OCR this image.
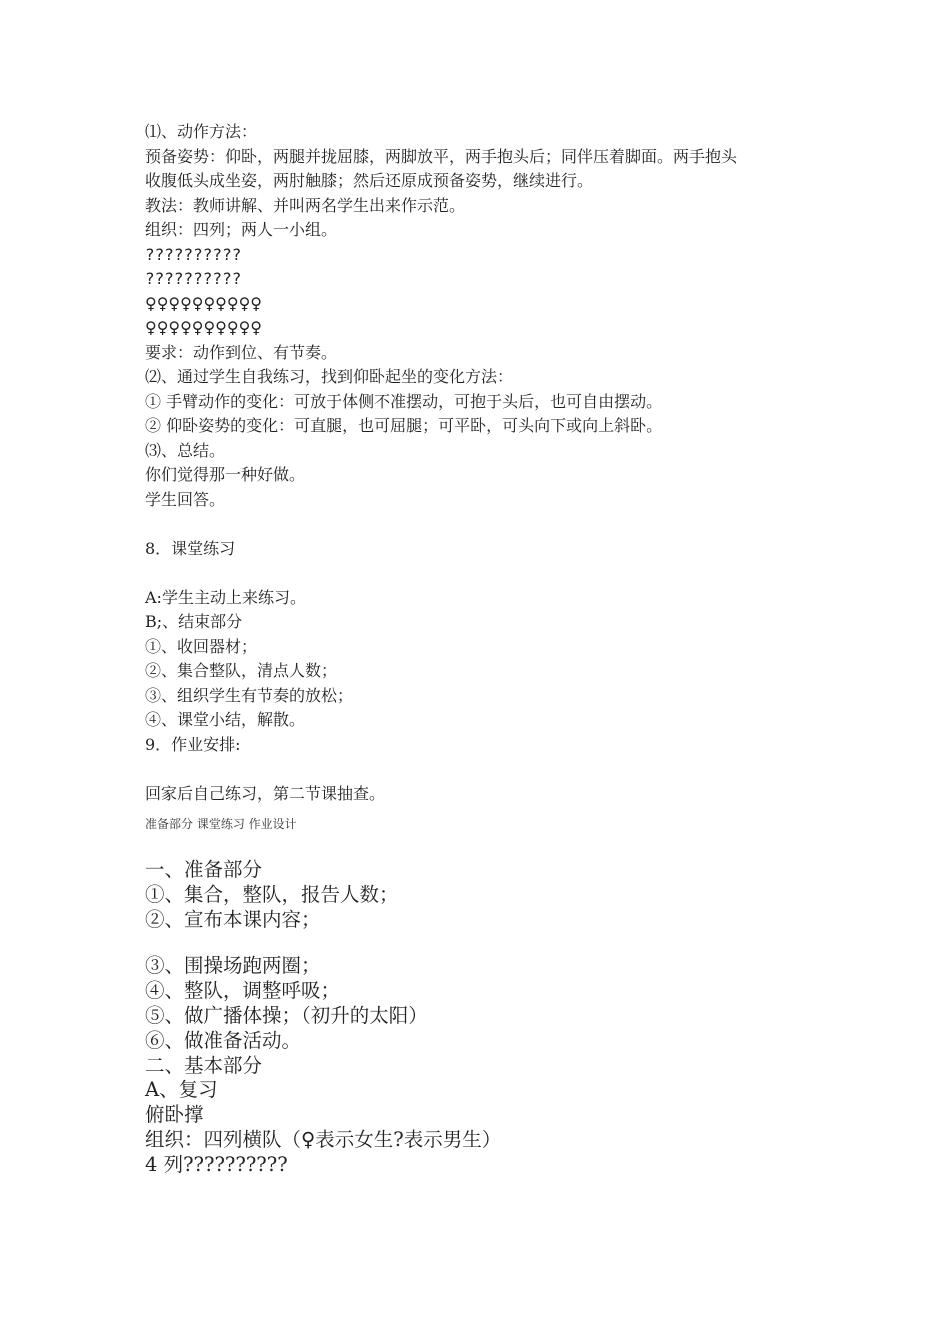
⑴、动作方法：
预备姿势：仰卧，两腿并拢屈膝，两脚放平，两手抱头后；同伴压着脚面。两手抱头
收腹低头成坐姿，两肘触膝；然后还原成预备姿势，继续进行。
教法：教师讲解、并叫两名学生出来作示范。
组织：四列；两人一小组。
??????????
??????????
♀♀♀♀♀♀♀♀♀♀
♀♀♀♀♀♀♀♀♀♀
要求：动作到位、有节奏。
⑵、通过学生自我练习，找到仰卧起坐的变化方法：
① 手臂动作的变化：可放于体侧不准摆动，可抱于头后，也可自由摆动。
② 仰卧姿势的变化：可直腿，也可屈腿；可平卧，可头向下或向上斜卧。
⑶、总结。
你们觉得那一种好做。
学生回答。
8．课堂练习
A:学生主动上来练习。
B;、结束部分
①、收回器材；
②、集合整队，清点人数；
③、组织学生有节奏的放松；
④、课堂小结，解散。
9．作业安排:
回家后自己练习，第二节课抽查。
准备部分 课堂练习 作业设计
一、准备部分
①、集合，整队，报告人数；
②、宣布本课内容；
③、围操场跑两圈；
④、整队，调整呼吸；
⑤、做广播体操；（初升的太阳）
⑥、做准备活动。
二、基本部分
A、复习
俯卧撑
组织：四列横队（♀表示女生?表示男生）
4 列??????????
